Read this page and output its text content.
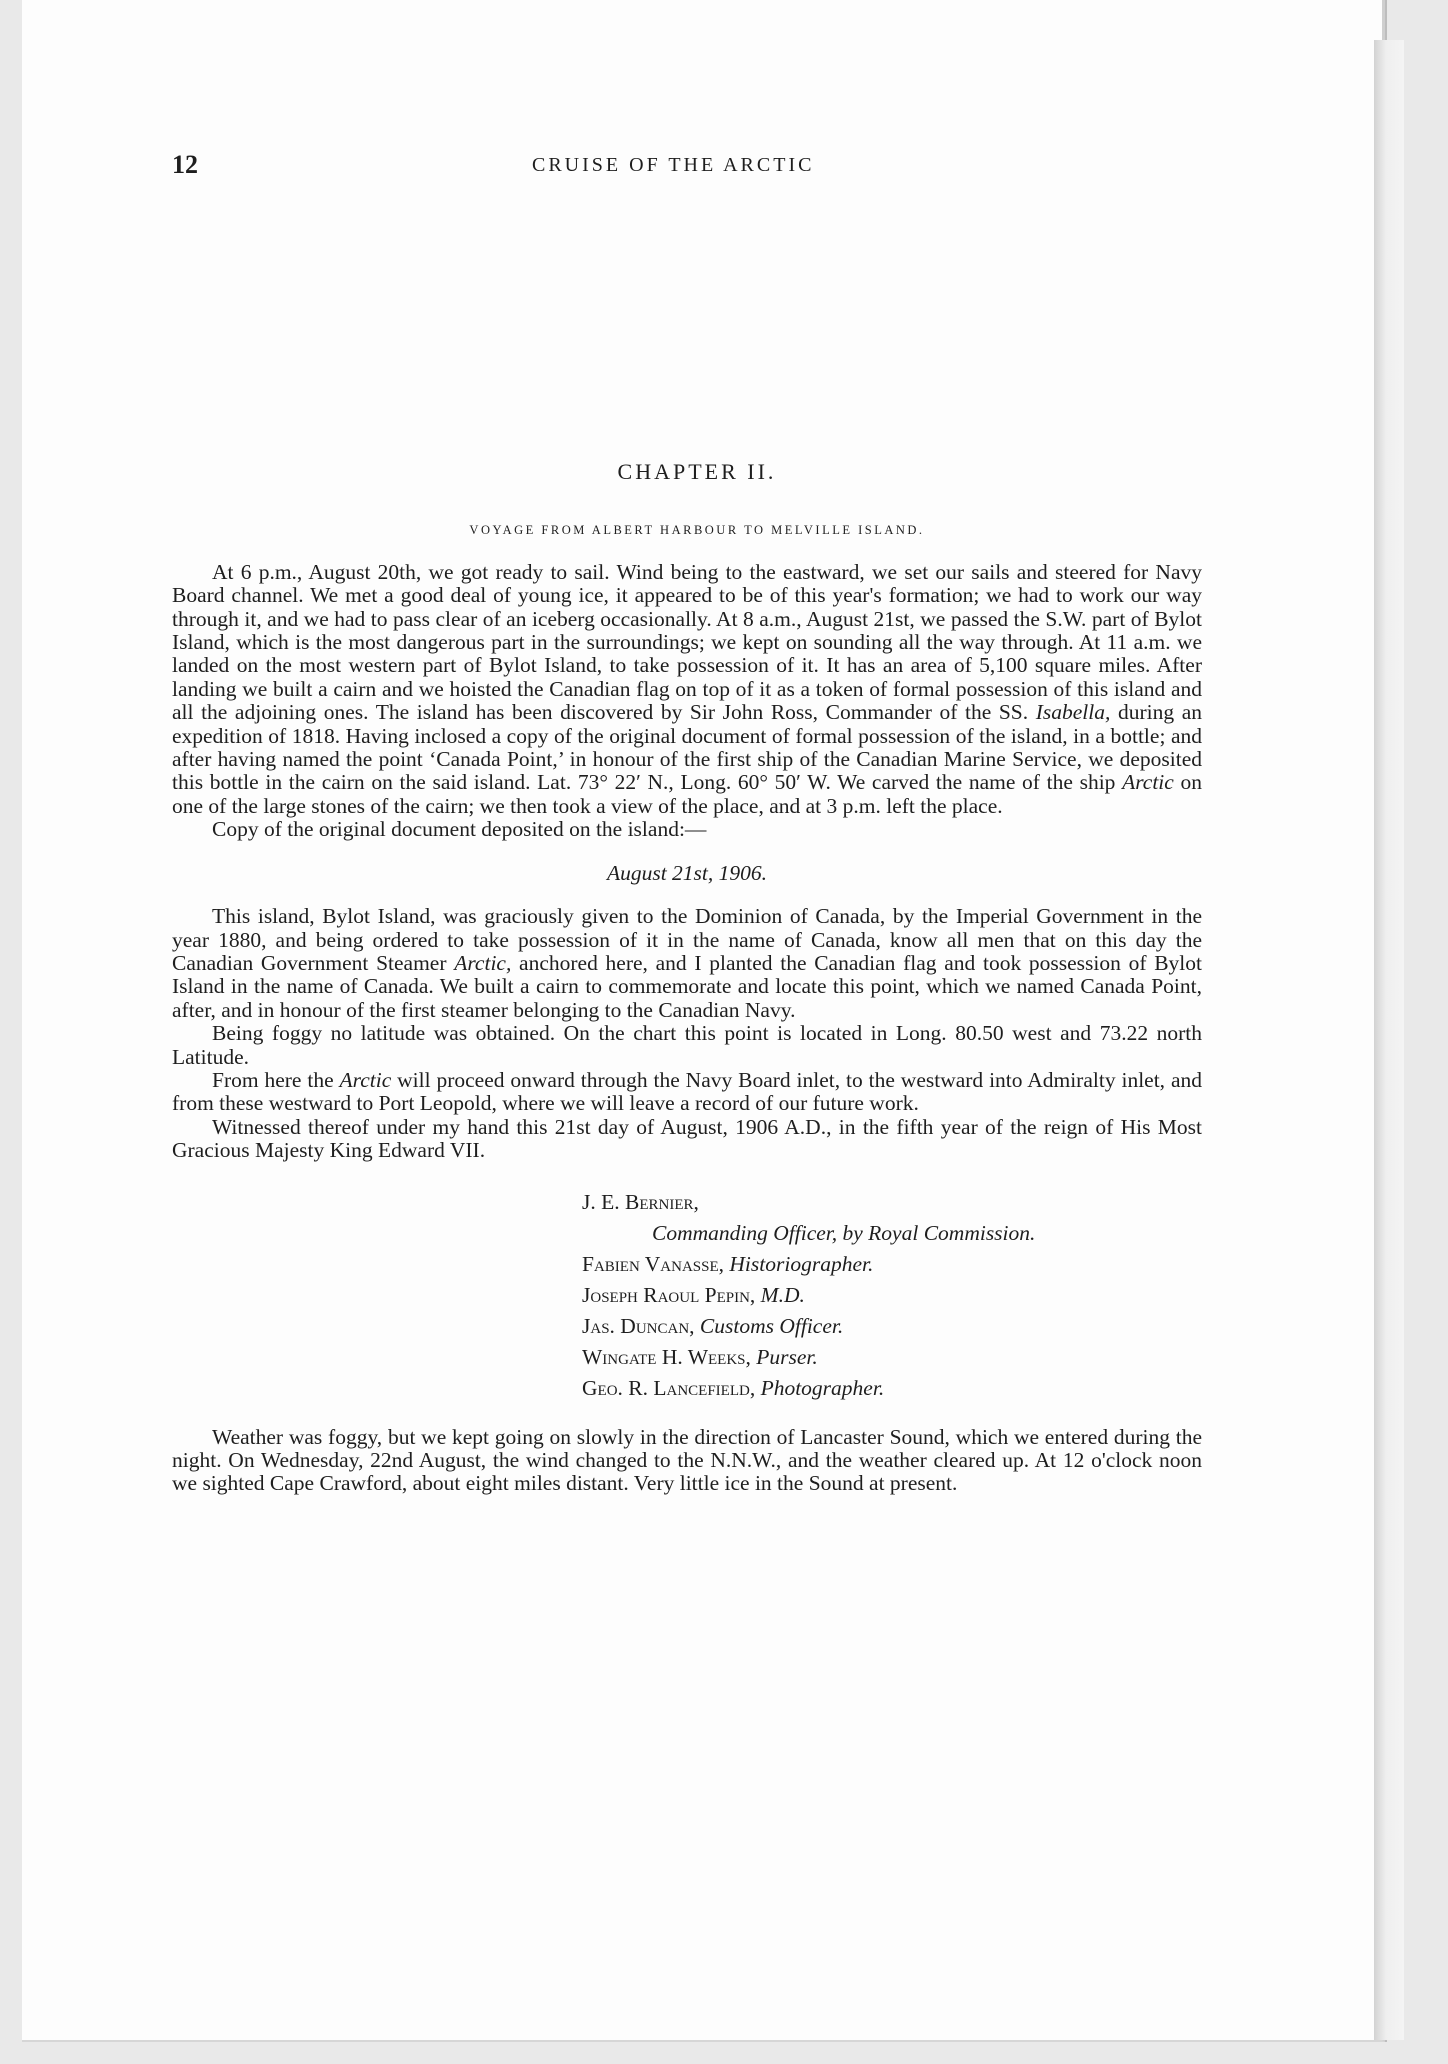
12	CRUISE OF THE ARCTIC
CHAPTER II.
VOYAGE FROM ALBERT HARBOUR TO MELVILLE ISLAND.

At 6 p.m., August 20th, we got ready to sail. Wind being to the eastward, we set our sails and steered for Navy Board channel. We met a good deal of young ice, it appeared to be of this year's formation; we had to work our way through it, and we had to pass clear of an iceberg occasionally. At 8 a.m., August 21st, we passed the S.W. part of Bylot Island, which is the most dangerous part in the surroundings; we kept on sounding all the way through. At 11 a.m. we landed on the most western part of Bylot Island, to take possession of it. It has an area of 5,100 square miles. After landing we built a cairn and we hoisted the Canadian flag on top of it as a token of formal possession of this island and all the adjoining ones. The island has been discovered by Sir John Ross, Commander of the SS. Isabella, during an expedition of 1818. Having inclosed a copy of the original document of formal possession of the island, in a bottle; and after having named the point ‘Canada Point,’ in honour of the first ship of the Canadian Marine Service, we deposited this bottle in the cairn on the said island. Lat. 73° 22′ N., Long. 60° 50′ W. We carved the name of the ship Arctic on one of the large stones of the cairn; we then took a view of the place, and at 3 p.m. left the place.

Copy of the original document deposited on the island:—

August 21st, 1906.

This island, Bylot Island, was graciously given to the Dominion of Canada, by the Imperial Government in the year 1880, and being ordered to take possession of it in the name of Canada, know all men that on this day the Canadian Government Steamer Arctic, anchored here, and I planted the Canadian flag and took possession of Bylot Island in the name of Canada. We built a cairn to commemorate and locate this point, which we named Canada Point, after, and in honour of the first steamer belonging to the Canadian Navy.

Being foggy no latitude was obtained. On the chart this point is located in Long. 80.50 west and 73.22 north Latitude.

From here the Arctic will proceed onward through the Navy Board inlet, to the westward into Admiralty inlet, and from these westward to Port Leopold, where we will leave a record of our future work.

Witnessed thereof under my hand this 21st day of August, 1906 A.D., in the fifth year of the reign of His Most Gracious Majesty King Edward VII.

J. E. Bernier,
Commanding Officer, by Royal Commission.
Fabien Vanasse, Historiographer.
Joseph Raoul Pepin, M.D.
Jas. Duncan, Customs Officer.
Wingate H. Weeks, Purser.
Geo. R. Lancefield, Photographer.

Weather was foggy, but we kept going on slowly in the direction of Lancaster Sound, which we entered during the night. On Wednesday, 22nd August, the wind changed to the N.N.W., and the weather cleared up. At 12 o'clock noon we sighted Cape Crawford, about eight miles distant. Very little ice in the Sound at present.
